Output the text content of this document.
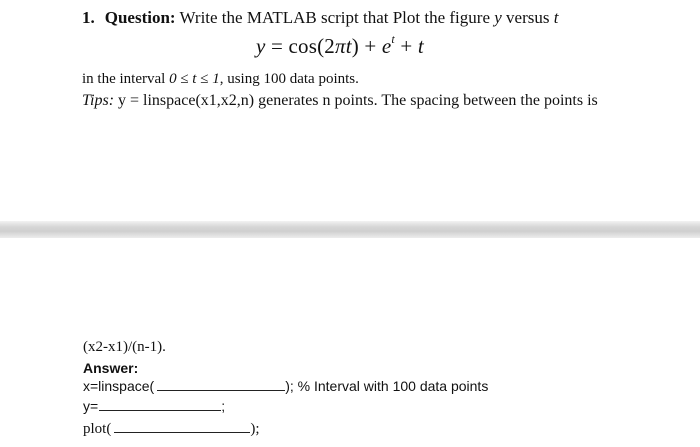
1. Question: Write the MATLAB script that Plot the figure y versus t
$y = \cos(2\pi t) + e^t + t$
in the interval 0 ≤ t ≤ 1, using 100 data points.
Tips: y = linspace(x1,x2,n) generates n points. The spacing between the points is
(x2-x1)/(n-1).
Answer:
x=linspace(	); % Interval with 100 data points
y=	;
plot(	);
